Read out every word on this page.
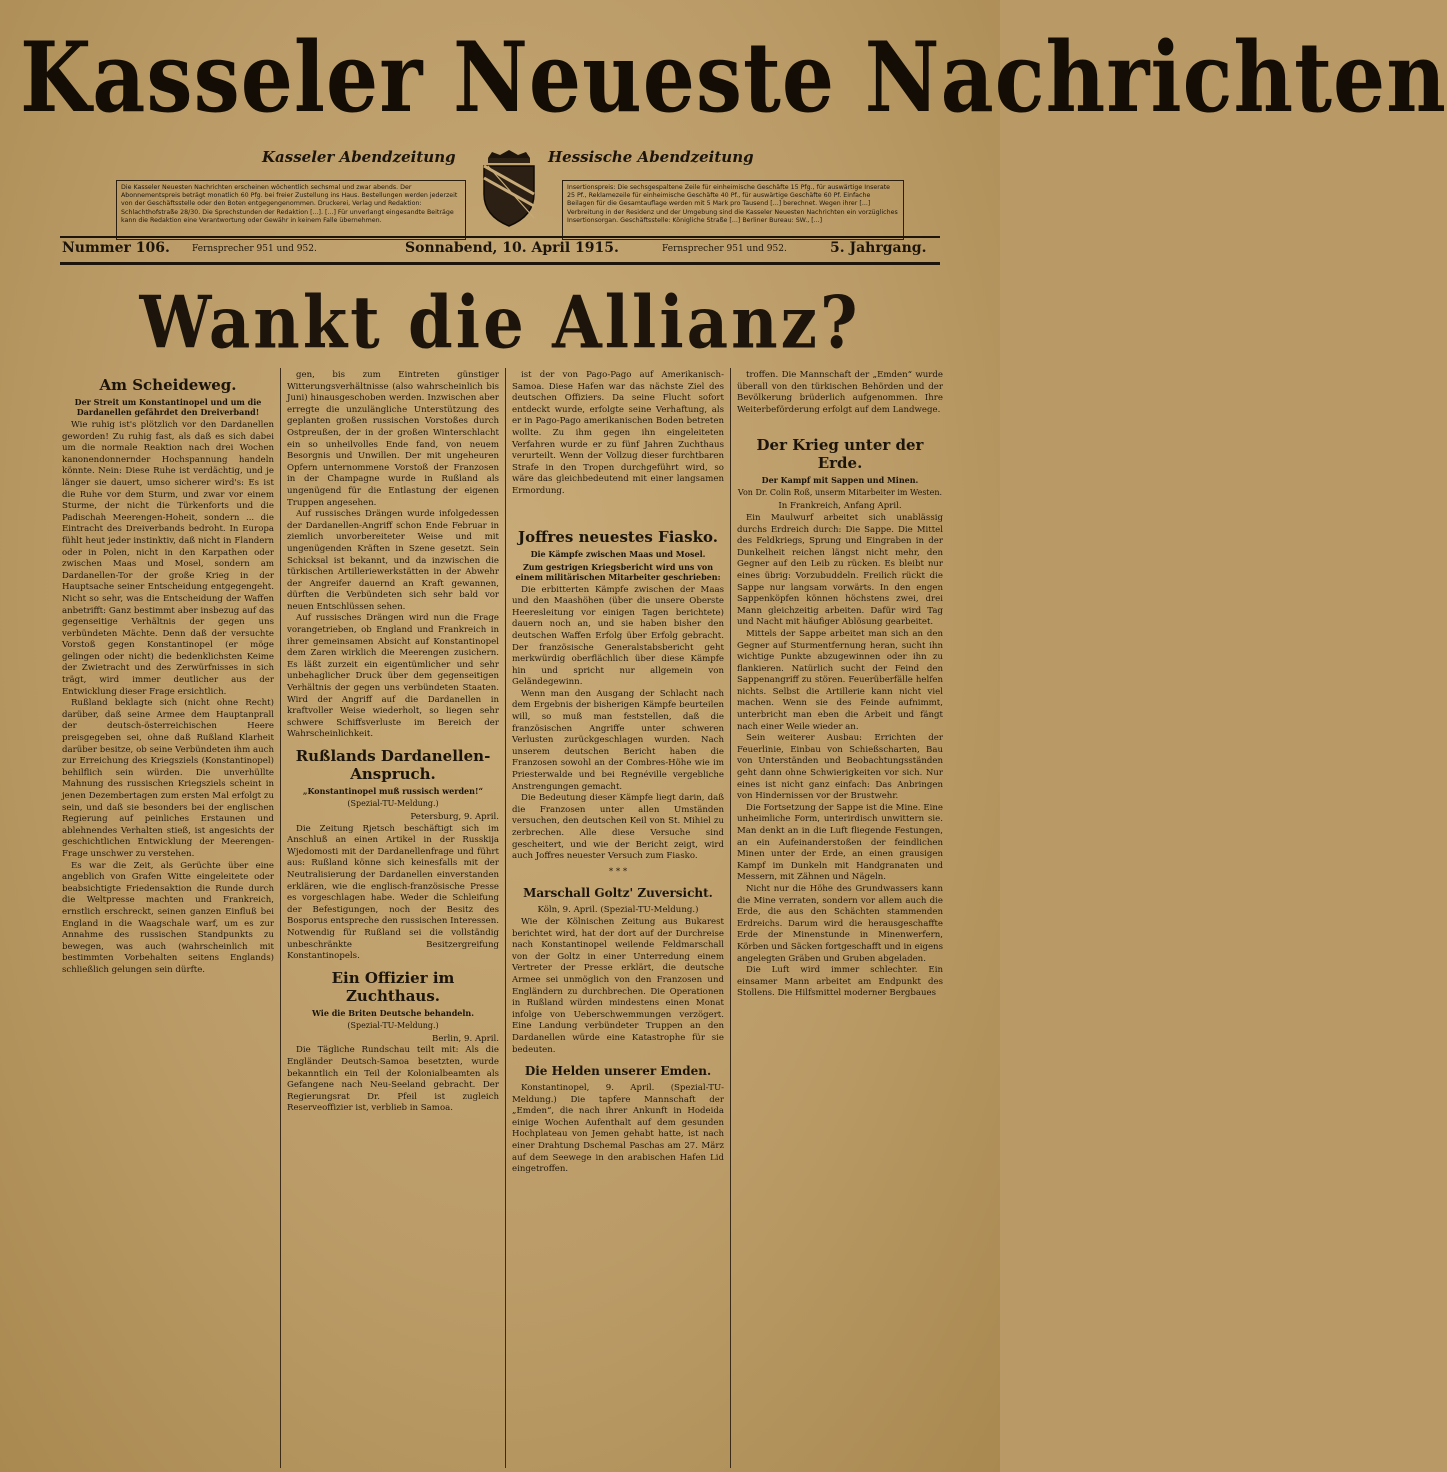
Kasseler Neueste Nachrichten
Kasseler Abendzeitung	Hessische Abendzeitung
Die Kasseler Neuesten Nachrichten erscheinen wöchentlich sechsmal und zwar abends. Der Abonnementspreis beträgt monatlich 60 Pfg. bei freier Zustellung ins Haus. Bestellungen werden jederzeit von der Geschäftsstelle oder den Boten entgegengenommen. Druckerei, Verlag und Redaktion: Schlachthofstraße 28/30. Die Sprechstunden der Redaktion [...]. [...] Für unverlangt eingesandte Beiträge kann die Redaktion eine Verantwortung oder Gewähr in keinem Falle übernehmen.
Insertionspreis: Die sechsgespaltene Zeile für einheimische Geschäfte 15 Pfg., für auswärtige Inserate 25 Pf., Reklamezeile für einheimische Geschäfte 40 Pf., für auswärtige Geschäfte 60 Pf. Einfache Beilagen für die Gesamtauflage werden mit 5 Mark pro Tausend [...] berechnet. Wegen ihrer [...] Verbreitung in der Residenz und der Umgebung sind die Kasseler Neuesten Nachrichten ein vorzügliches Insertionsorgan. Geschäftsstelle: Königliche Straße [...] Berliner Bureau: SW., [...]
Nummer 106. Fernsprecher 951 und 952.	Sonnabend, 10. April 1915.	Fernsprecher 951 und 952.	5. Jahrgang.
Wankt die Allianz?

Am Scheideweg.

Der Streit um Konstantinopel und um die Dardanellen gefährdet den Dreiverband!

Wie ruhig ist's plötzlich vor den Dardanellen geworden! Zu ruhig fast, als daß es sich dabei um die normale Reaktion nach drei Wochen kanonendonnernder Hochspannung handeln könnte. Nein: Diese Ruhe ist verdächtig, und je länger sie dauert, umso sicherer wird's: Es ist die Ruhe vor dem Sturm, und zwar vor einem Sturme, der nicht die Türkenforts und die Padischah Meerengen-Hoheit, sondern ... die Eintracht des Dreiverbands bedroht. In Europa fühlt heut jeder instinktiv, daß nicht in Flandern oder in Polen, nicht in den Karpathen oder zwischen Maas und Mosel, sondern am Dardanellen-Tor der große Krieg in der Hauptsache seiner Entscheidung entgegengeht. Nicht so sehr, was die Entscheidung der Waffen anbetrifft: Ganz bestimmt aber insbezug auf das gegenseitige Verhältnis der gegen uns verbündeten Mächte. Denn daß der versuchte Vorstoß gegen Konstantinopel (er möge gelingen oder nicht) die bedenklichsten Keime der Zwietracht und des Zerwürfnisses in sich trägt, wird immer deutlicher aus der Entwicklung dieser Frage ersichtlich.

Rußland beklagte sich (nicht ohne Recht) darüber, daß seine Armee dem Hauptanprall der deutsch-österreichischen Heere preisgegeben sei, ohne daß Rußland Klarheit darüber besitze, ob seine Verbündeten ihm auch zur Erreichung des Kriegsziels (Konstantinopel) behilflich sein würden. Die unverhüllte Mahnung des russischen Kriegsziels scheint in jenen Dezembertagen zum ersten Mal erfolgt zu sein, und daß sie besonders bei der englischen Regierung auf peinliches Erstaunen und ablehnendes Verhalten stieß, ist angesichts der geschichtlichen Entwicklung der Meerengen-Frage unschwer zu verstehen.

Es war die Zeit, als Gerüchte über eine angeblich von Grafen Witte eingeleitete oder beabsichtigte Friedensaktion die Runde durch die Weltpresse machten und Frankreich, ernstlich erschreckt, seinen ganzen Einfluß bei England in die Waagschale warf, um es zur Annahme des russischen Standpunkts zu bewegen, was auch (wahrscheinlich mit bestimmten Vorbehalten seitens Englands) schließlich gelungen sein dürfte.

gen, bis zum Eintreten günstiger Witterungsverhältnisse (also wahrscheinlich bis Juni) hinausgeschoben werden. Inzwischen aber erregte die unzulängliche Unterstützung des geplanten großen russischen Vorstoßes durch Ostpreußen, der in der großen Winterschlacht ein so unheilvolles Ende fand, von neuem Besorgnis und Unwillen. Der mit ungeheuren Opfern unternommene Vorstoß der Franzosen in der Champagne wurde in Rußland als ungenügend für die Entlastung der eigenen Truppen angesehen.

Auf russisches Drängen wurde infolgedessen der Dardanellen-Angriff schon Ende Februar in ziemlich unvorbereiteter Weise und mit ungenügenden Kräften in Szene gesetzt. Sein Schicksal ist bekannt, und da inzwischen die türkischen Artilleriewerkstätten in der Abwehr der Angreifer dauernd an Kraft gewannen, dürften die Verbündeten sich sehr bald vor neuen Entschlüssen sehen.

Auf russisches Drängen wird nun die Frage vorangetrieben, ob England und Frankreich in ihrer gemeinsamen Absicht auf Konstantinopel dem Zaren wirklich die Meerengen zusichern. Es läßt zurzeit ein eigentümlicher und sehr unbehaglicher Druck über dem gegenseitigen Verhältnis der gegen uns verbündeten Staaten. Wird der Angriff auf die Dardanellen in kraftvoller Weise wiederholt, so liegen sehr schwere Schiffsverluste im Bereich der Wahrscheinlichkeit.

Rußlands Dardanellen-Anspruch.

„Konstantinopel muß russisch werden!“

(Spezial-TU-Meldung.)

Petersburg, 9. April.

Die Zeitung Rjetsch beschäftigt sich im Anschluß an einen Artikel in der Russkija Wjedomosti mit der Dardanellenfrage und führt aus: Rußland könne sich keinesfalls mit der Neutralisierung der Dardanellen einverstanden erklären, wie die englisch-französische Presse es vorgeschlagen habe. Weder die Schleifung der Befestigungen, noch der Besitz des Bosporus entspreche den russischen Interessen. Notwendig für Rußland sei die vollständig unbeschränkte Besitzergreifung Konstantinopels.

Ein Offizier im Zuchthaus.

Wie die Briten Deutsche behandeln.

(Spezial-TU-Meldung.)

Berlin, 9. April.

Die Tägliche Rundschau teilt mit: Als die Engländer Deutsch-Samoa besetzten, wurde bekanntlich ein Teil der Kolonialbeamten als Gefangene nach Neu-Seeland gebracht. Der Regierungsrat Dr. Pfeil ist zugleich Reserveoffizier ist, verblieb in Samoa.

ist der von Pago-Pago auf Amerikanisch-Samoa. Diese Hafen war das nächste Ziel des deutschen Offiziers. Da seine Flucht sofort entdeckt wurde, erfolgte seine Verhaftung, als er in Pago-Pago amerikanischen Boden betreten wollte. Zu ihm gegen ihn eingeleiteten Verfahren wurde er zu fünf Jahren Zuchthaus verurteilt. Wenn der Vollzug dieser furchtbaren Strafe in den Tropen durchgeführt wird, so wäre das gleichbedeutend mit einer langsamen Ermordung.

Joffres neuestes Fiasko.

Die Kämpfe zwischen Maas und Mosel.

Zum gestrigen Kriegsbericht wird uns von einem militärischen Mitarbeiter geschrieben:

Die erbitterten Kämpfe zwischen der Maas und den Maashöhen (über die unsere Oberste Heeresleitung vor einigen Tagen berichtete) dauern noch an, und sie haben bisher den deutschen Waffen Erfolg über Erfolg gebracht. Der französische Generalstabsbericht geht merkwürdig oberflächlich über diese Kämpfe hin und spricht nur allgemein von Geländegewinn.

Wenn man den Ausgang der Schlacht nach dem Ergebnis der bisherigen Kämpfe beurteilen will, so muß man feststellen, daß die französischen Angriffe unter schweren Verlusten zurückgeschlagen wurden. Nach unserem deutschen Bericht haben die Franzosen sowohl an der Combres-Höhe wie im Priesterwalde und bei Regnéville vergebliche Anstrengungen gemacht.

Die Bedeutung dieser Kämpfe liegt darin, daß die Franzosen unter allen Umständen versuchen, den deutschen Keil von St. Mihiel zu zerbrechen. Alle diese Versuche sind gescheitert, und wie der Bericht zeigt, wird auch Joffres neuester Versuch zum Fiasko.

* * *

Marschall Goltz' Zuversicht.

Köln, 9. April. (Spezial-TU-Meldung.)

Wie der Kölnischen Zeitung aus Bukarest berichtet wird, hat der dort auf der Durchreise nach Konstantinopel weilende Feldmarschall von der Goltz in einer Unterredung einem Vertreter der Presse erklärt, die deutsche Armee sei unmöglich von den Franzosen und Engländern zu durchbrechen. Die Operationen in Rußland würden mindestens einen Monat infolge von Ueberschwemmungen verzögert. Eine Landung verbündeter Truppen an den Dardanellen würde eine Katastrophe für sie bedeuten.

Die Helden unserer Emden.

Konstantinopel, 9. April. (Spezial-TU-Meldung.) Die tapfere Mannschaft der „Emden“, die nach ihrer Ankunft in Hodeida einige Wochen Aufenthalt auf dem gesunden Hochplateau von Jemen gehabt hatte, ist nach einer Drahtung Dschemal Paschas am 27. März auf dem Seewege in den arabischen Hafen Lid eingetroffen.

troffen. Die Mannschaft der „Emden“ wurde überall von den türkischen Behörden und der Bevölkerung brüderlich aufgenommen. Ihre Weiterbeförderung erfolgt auf dem Landwege.

Der Krieg unter der Erde.

Der Kampf mit Sappen und Minen.

Von Dr. Colin Roß, unserm Mitarbeiter im Westen.

In Frankreich, Anfang April.

Ein Maulwurf arbeitet sich unablässig durchs Erdreich durch: Die Sappe. Die Mittel des Feldkriegs, Sprung und Eingraben in der Dunkelheit reichen längst nicht mehr, den Gegner auf den Leib zu rücken. Es bleibt nur eines übrig: Vorzubuddeln. Freilich rückt die Sappe nur langsam vorwärts. In den engen Sappenköpfen können höchstens zwei, drei Mann gleichzeitig arbeiten. Dafür wird Tag und Nacht mit häufiger Ablösung gearbeitet.

Mittels der Sappe arbeitet man sich an den Gegner auf Sturmentfernung heran, sucht ihn wichtige Punkte abzugewinnen oder ihn zu flankieren. Natürlich sucht der Feind den Sappenangriff zu stören. Feuerüberfälle helfen nichts. Selbst die Artillerie kann nicht viel machen. Wenn sie des Feinde aufnimmt, unterbricht man eben die Arbeit und fängt nach einer Weile wieder an.

Sein weiterer Ausbau: Errichten der Feuerlinie, Einbau von Schießscharten, Bau von Unterständen und Beobachtungsständen geht dann ohne Schwierigkeiten vor sich. Nur eines ist nicht ganz einfach: Das Anbringen von Hindernissen vor der Brustwehr.

Die Fortsetzung der Sappe ist die Mine. Eine unheimliche Form, unterirdisch unwittern sie. Man denkt an in die Luft fliegende Festungen, an ein Aufeinanderstoßen der feindlichen Minen unter der Erde, an einen grausigen Kampf im Dunkeln mit Handgranaten und Messern, mit Zähnen und Nägeln.

Nicht nur die Höhe des Grundwassers kann die Mine verraten, sondern vor allem auch die Erde, die aus den Schächten stammenden Erdreichs. Darum wird die herausgeschaffte Erde der Minenstunde in Minenwerfern, Körben und Säcken fortgeschafft und in eigens angelegten Gräben und Gruben abgeladen.

Die Luft wird immer schlechter. Ein einsamer Mann arbeitet am Endpunkt des Stollens. Die Hilfsmittel moderner Bergbaues
